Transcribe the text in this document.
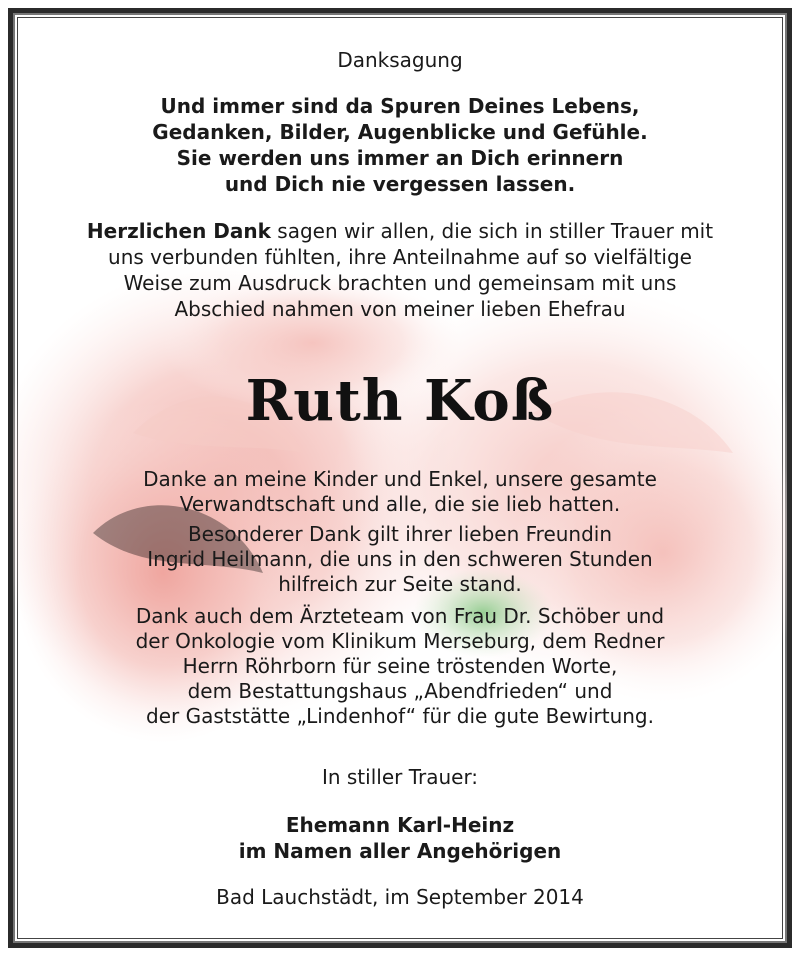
Danksagung
Und immer sind da Spuren Deines Lebens,
Gedanken, Bilder, Augenblicke und Gefühle.
Sie werden uns immer an Dich erinnern
und Dich nie vergessen lassen.
Herzlichen Dank sagen wir allen, die sich in stiller Trauer mit
uns verbunden fühlten, ihre Anteilnahme auf so vielfältige
Weise zum Ausdruck brachten und gemeinsam mit uns
Abschied nahmen von meiner lieben Ehefrau
Ruth Koß
Danke an meine Kinder und Enkel, unsere gesamte
Verwandtschaft und alle, die sie lieb hatten.
Besonderer Dank gilt ihrer lieben Freundin
Ingrid Heilmann, die uns in den schweren Stunden
hilfreich zur Seite stand.
Dank auch dem Ärzteteam von Frau Dr. Schöber und
der Onkologie vom Klinikum Merseburg, dem Redner
Herrn Röhrborn für seine tröstenden Worte,
dem Bestattungshaus „Abendfrieden“ und
der Gaststätte „Lindenhof“ für die gute Bewirtung.
In stiller Trauer:
Ehemann Karl-Heinz
im Namen aller Angehörigen
Bad Lauchstädt, im September 2014
